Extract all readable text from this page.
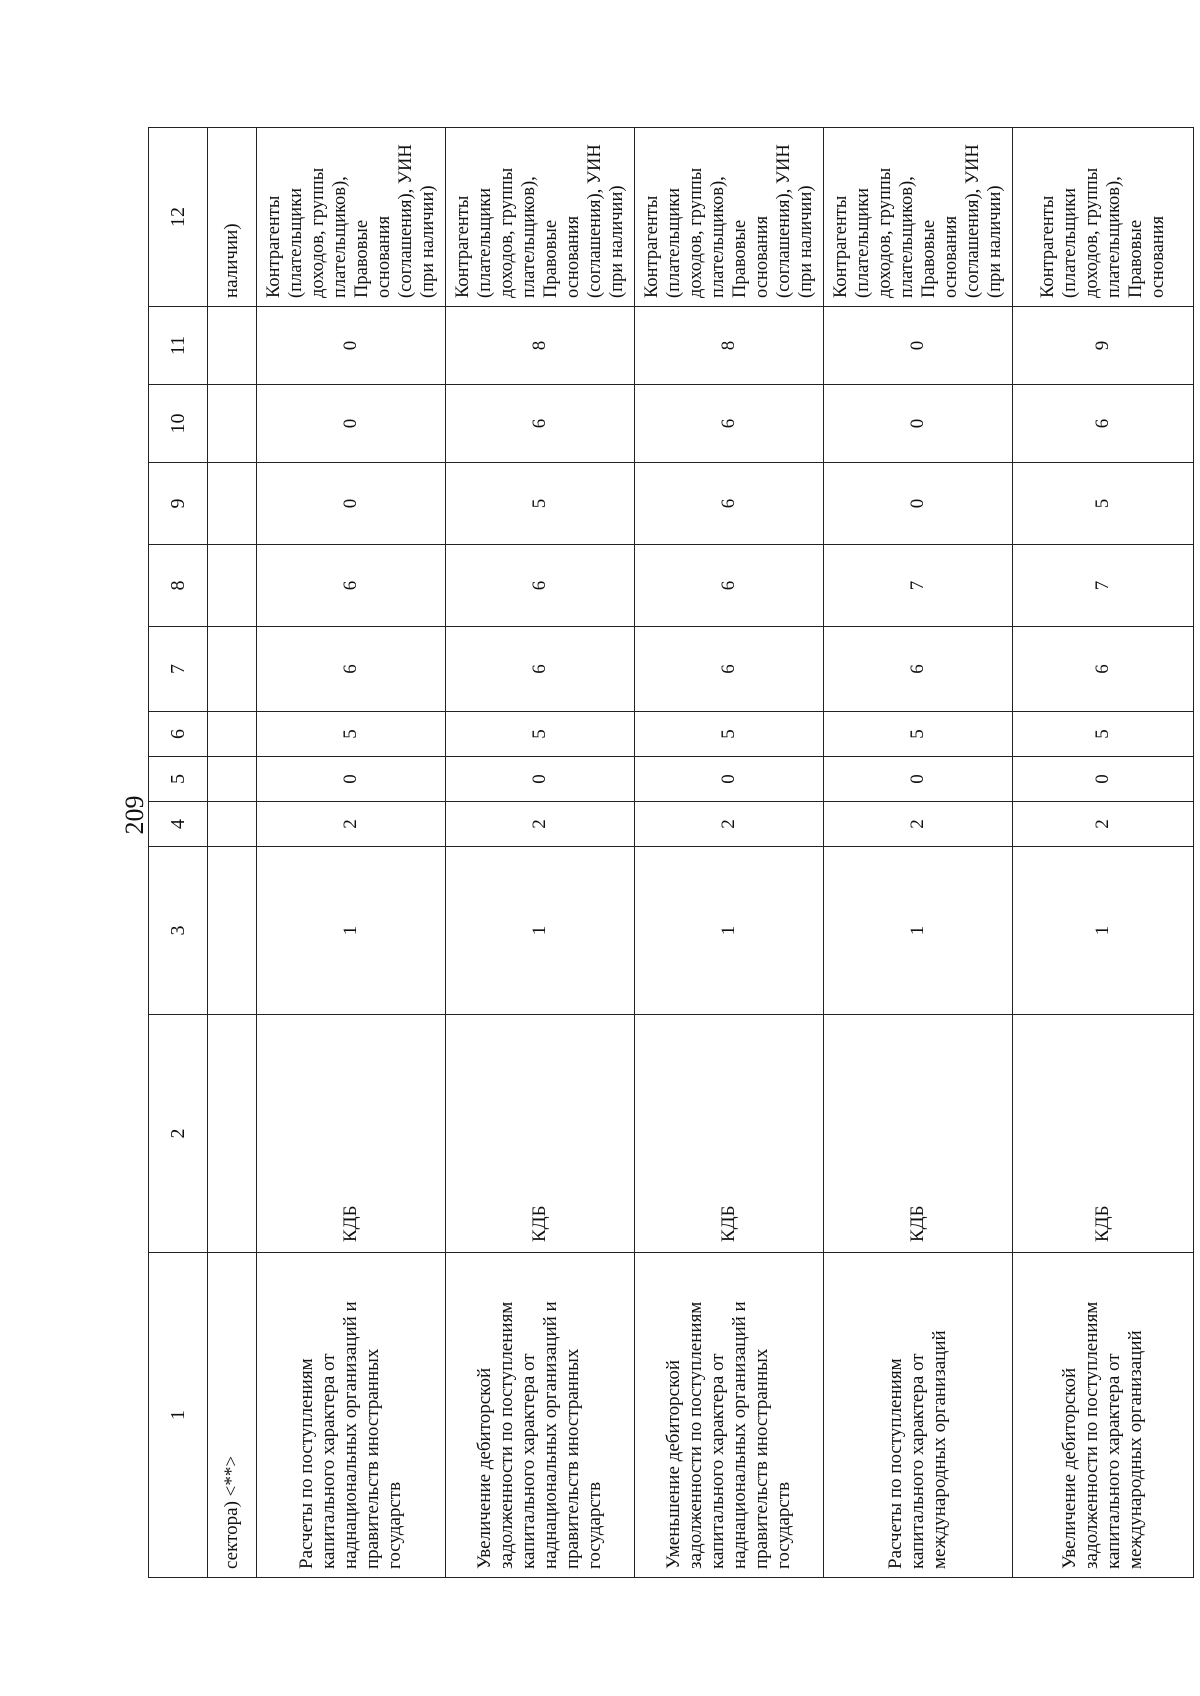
209
1	2	3	4	5	6	7	8	9	10	11	12
сектора) <**>											наличии)
Расчеты по поступлениям капитального характера от наднациональных организаций и правительств иностранных государств	КДБ	1	2	0	5	6	6	0	0	0	Контрагенты (плательщики доходов, группы плательщиков), Правовые основания (соглашения), УИН (при наличии)
Увеличение дебиторской задолженности по поступлениям капитального характера от наднациональных организаций и правительств иностранных государств	КДБ	1	2	0	5	6	6	5	6	8	Контрагенты (плательщики доходов, группы плательщиков), Правовые основания (соглашения), УИН (при наличии)
Уменьшение дебиторской задолженности по поступлениям капитального характера от наднациональных организаций и правительств иностранных государств	КДБ	1	2	0	5	6	6	6	6	8	Контрагенты (плательщики доходов, группы плательщиков), Правовые основания (соглашения), УИН (при наличии)
Расчеты по поступлениям капитального характера от международных организаций	КДБ	1	2	0	5	6	7	0	0	0	Контрагенты (плательщики доходов, группы плательщиков), Правовые основания (соглашения), УИН (при наличии)
Увеличение дебиторской задолженности по поступлениям капитального характера от международных организаций	КДБ	1	2	0	5	6	7	5	6	9	Контрагенты (плательщики доходов, группы плательщиков), Правовые основания
